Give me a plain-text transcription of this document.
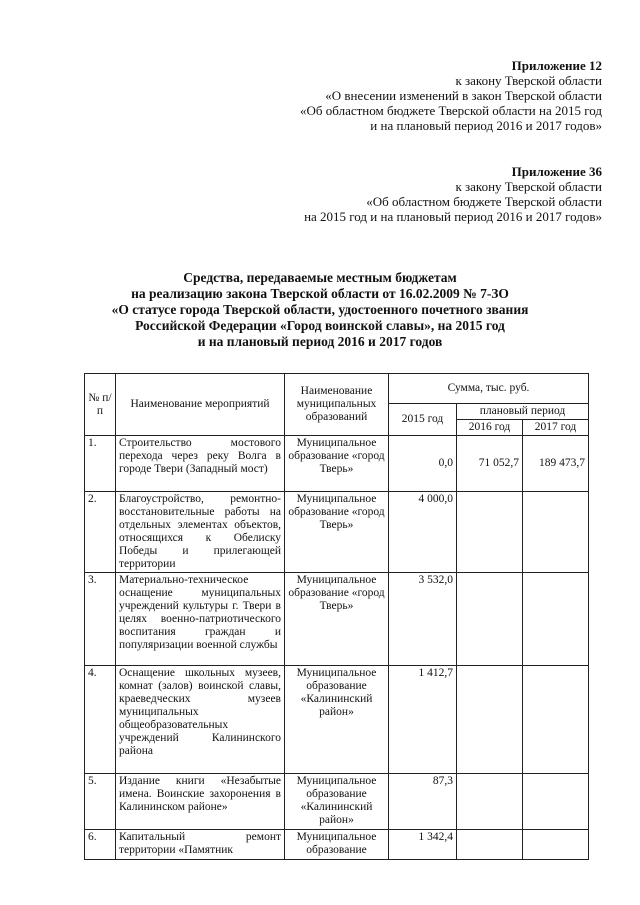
Приложение 12
к закону Тверской области
«О внесении изменений в закон Тверской области
«Об областном бюджете Тверской области на 2015 год
и на плановый период 2016 и 2017 годов»
Приложение 36
к закону Тверской области
«Об областном бюджете Тверской области
на 2015 год и на плановый период 2016 и 2017 годов»
Средства, передаваемые местным бюджетам
на реализацию закона Тверской области от 16.02.2009 № 7-ЗО
«О статусе города Тверской области, удостоенного почетного звания
Российской Федерации «Город воинской славы», на 2015 год
и на плановый период 2016 и 2017 годов
№ п/п	Наименование мероприятий	Наименование муниципальных образований	Сумма, тыс. руб.		
			2015 год	плановый период	
				2016 год	2017 год
1.	Строительство мостового перехода через реку Волга в городе Твери (Западный мост)	Муниципальное образование «город Тверь»	0,0	71 052,7	189 473,7
2.	Благоустройство, ремонтно-восстановительные работы на отдельных элементах объектов, относящихся к Обелиску Победы и прилегающей территории	Муниципальное образование «город Тверь»	4 000,0		
3.	Материально-техническое оснащение муниципальных учреждений культуры г. Твери в целях военно-патриотического воспитания граждан и популяризации военной службы	Муниципальное образование «город Тверь»	3 532,0		
4.	Оснащение школьных музеев, комнат (залов) воинской славы, краеведческих музеев муниципальных общеобразовательных учреждений Калининского района	Муниципальное образование «Калининский район»	1 412,7		
5.	Издание книги «Незабытые имена. Воинские захоронения в Калининском районе»	Муниципальное образование «Калининский район»	87,3		
6.	Капитальный ремонт территории «Памятник	Муниципальное образование	1 342,4		
